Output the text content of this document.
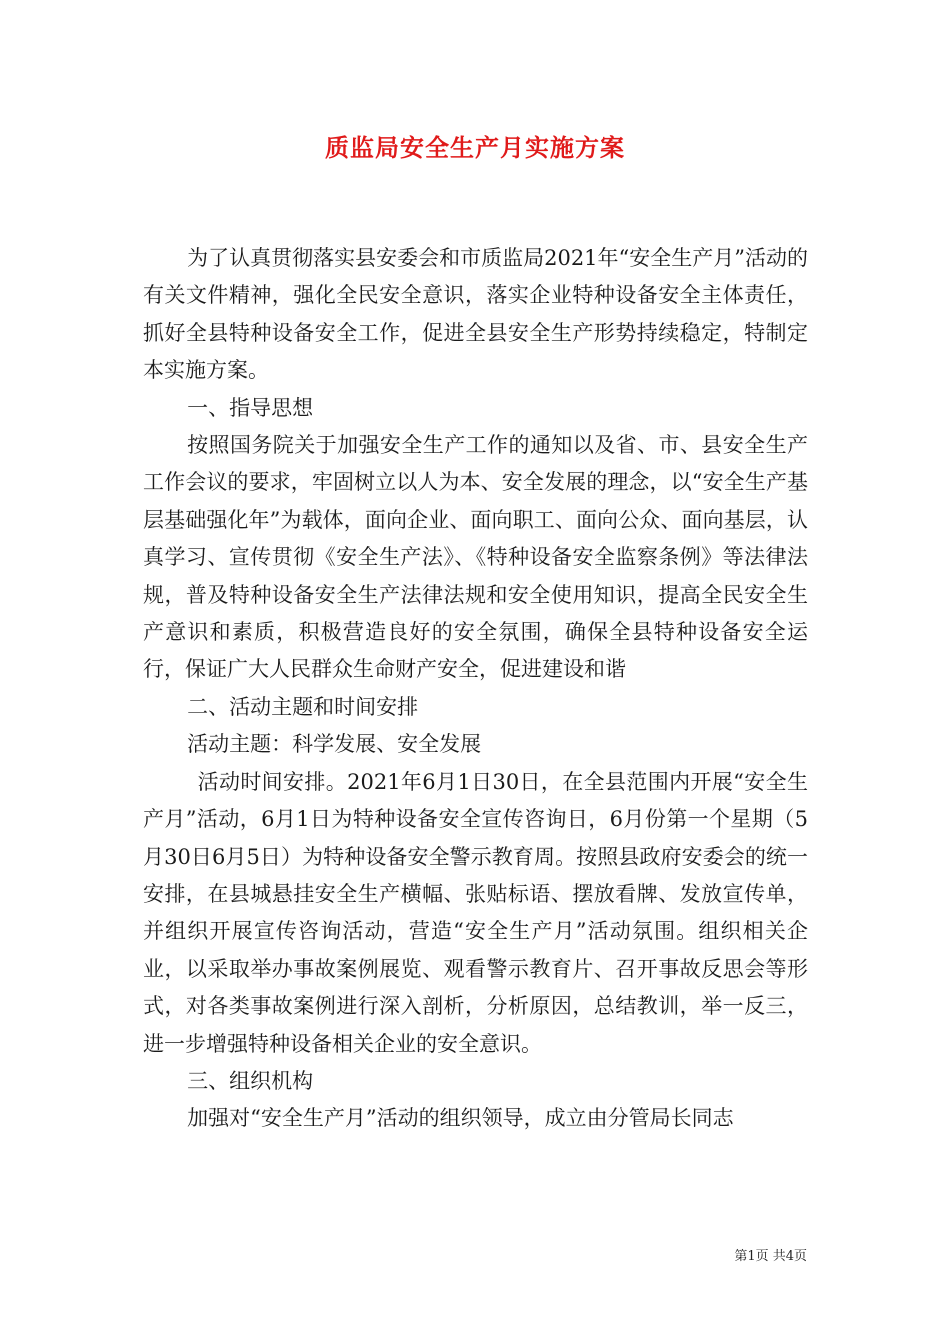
质监局安全生产月实施方案

为了认真贯彻落实县安委会和市质监局2021年“安全生产月”活动的有关文件精神，强化全民安全意识，落实企业特种设备安全主体责任，抓好全县特种设备安全工作，促进全县安全生产形势持续稳定，特制定本实施方案。

一、指导思想

按照国务院关于加强安全生产工作的通知以及省、市、县安全生产工作会议的要求，牢固树立以人为本、安全发展的理念，以“安全生产基层基础强化年”为载体，面向企业、面向职工、面向公众、面向基层，认真学习、宣传贯彻《安全生产法》、《特种设备安全监察条例》等法律法规，普及特种设备安全生产法律法规和安全使用知识，提高全民安全生产意识和素质，积极营造良好的安全氛围，确保全县特种设备安全运行，保证广大人民群众生命财产安全，促进建设和谐

二、活动主题和时间安排

活动主题：科学发展、安全发展

活动时间安排。2021年6月1日30日，在全县范围内开展“安全生产月”活动，6月1日为特种设备安全宣传咨询日，6月份第一个星期（5月30日6月5日）为特种设备安全警示教育周。按照县政府安委会的统一安排，在县城悬挂安全生产横幅、张贴标语、摆放看牌、发放宣传单，并组织开展宣传咨询活动，营造“安全生产月”活动氛围。组织相关企业，以采取举办事故案例展览、观看警示教育片、召开事故反思会等形式，对各类事故案例进行深入剖析，分析原因，总结教训，举一反三，进一步增强特种设备相关企业的安全意识。

三、组织机构

加强对“安全生产月”活动的组织领导，成立由分管局长同志

第1页 共4页
